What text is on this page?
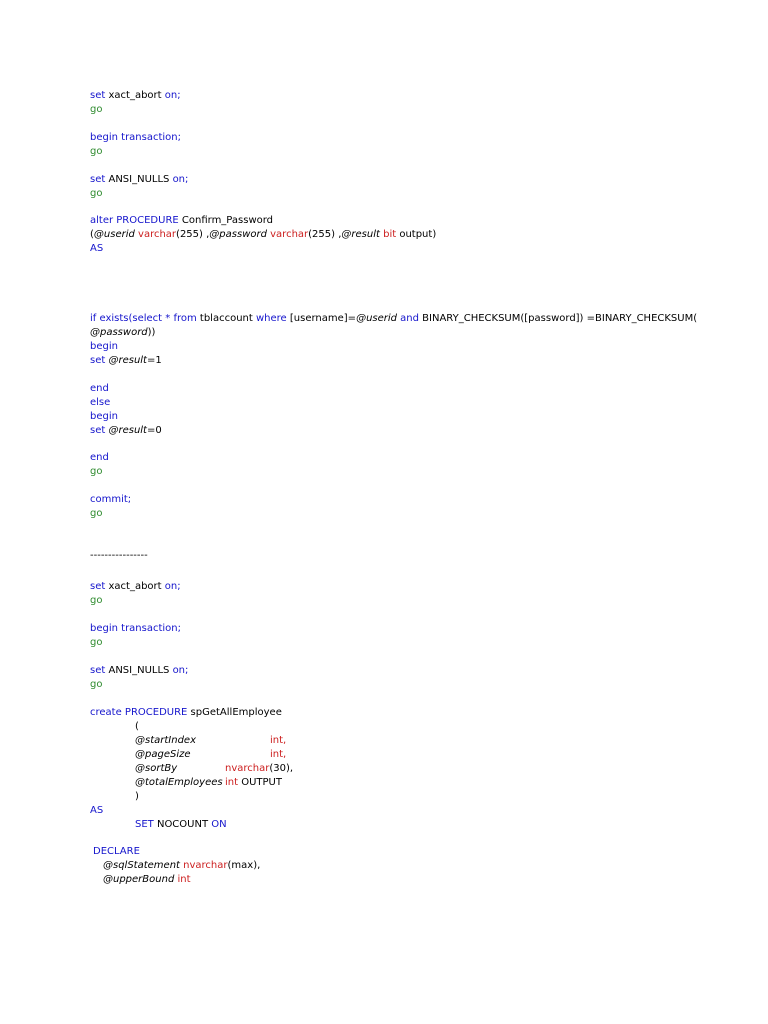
set xact_abort on;
go
begin transaction;
go
set ANSI_NULLS on;
go
alter PROCEDURE Confirm_Password
(@userid varchar(255) ,@password varchar(255) ,@result bit output)
AS
if exists(select * from tblaccount where [username]=@userid and BINARY_CHECKSUM([password]) =BINARY_CHECKSUM(
@password))
begin
set @result=1
end
else
begin
set @result=0
end
go
commit;
go
----------------
set xact_abort on;
go
begin transaction;
go
set ANSI_NULLS on;
go
create PROCEDURE spGetAllEmployee
(
@startIndex	int,
@pageSize	int,
@sortBy	nvarchar(30),
@totalEmployees int OUTPUT
)
AS
SET NOCOUNT ON
DECLARE
@sqlStatement nvarchar(max),
@upperBound int
